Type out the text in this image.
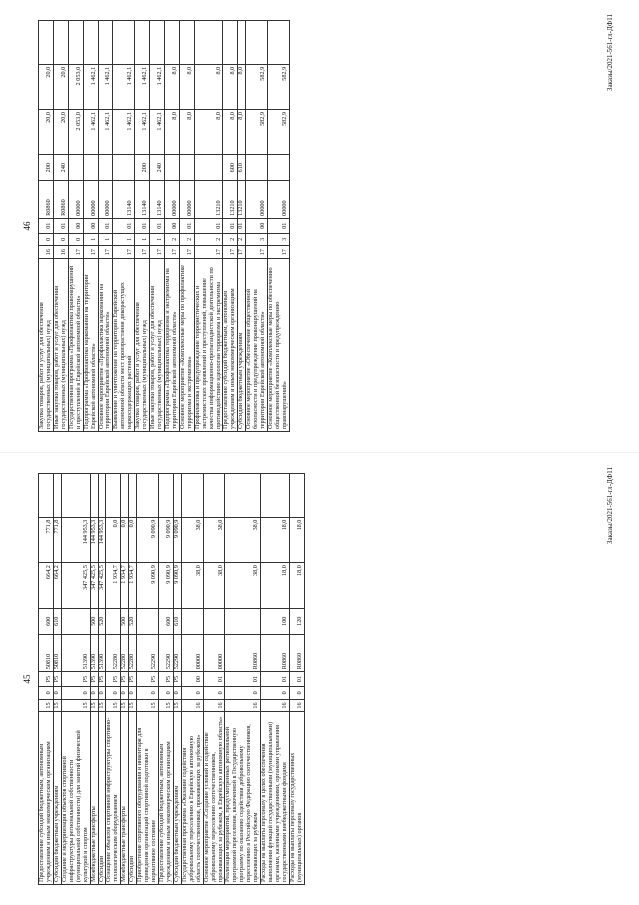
46
Закупка товаров, работ и услуг для обеспечения государственных (муниципальных) нужд	16	0	01	R0860	200	20,0	20,0	
Иные закупки товаров, работ и услуг для обеспечения государственных (муниципальных) нужд	16	0	01	R0860	240	20,0	20,0	
Государственная программа «Профилактика правонарушений и преступлений в Еврейской автономной области»	17	0	00	00000		2 053,0	2 053,0	
Подпрограмма «Профилактика наркомании на территории Еврейской автономной области»	17	1	00	00000		1 462,1	1 462,1	
Основное мероприятие «Профилактика наркомании на территории Еврейской автономной области»	17	1	01	00000		1 462,1	1 462,1	
Выявление и уничтожение на территории Еврейской автономной области мест произрастания дикорастущих наркосодержащих растений	17	1	01	13140		1 462,1	1 462,1	
Закупка товаров, работ и услуг для обеспечения государственных (муниципальных) нужд	17	1	01	13140	200	1 462,1	1 462,1	
Иные закупки товаров, работ и услуг для обеспечения государственных (муниципальных) нужд	17	1	01	13140	240	1 462,1	1 462,1	
Подпрограмма «Профилактика терроризма и экстремизма на территории Еврейской автономной области»	17	2	00	00000		8,0	8,0	
Основное мероприятие «Комплексные меры по профилактике терроризма и экстремизма»	17	2	01	00000		8,0	8,0	
Профилактика и предупреждение террористических и экстремистских проявлений и преступлений, повышение качества информационно-пропагандистской деятельности по противодействию идеологии терроризма и экстремизма	17	2	01	13210		8,0	8,0	
Предоставление субсидий бюджетным, автономным учреждениям и иным некоммерческим организациям	17	2	01	13210	600	8,0	8,0	
Субсидии бюджетным учреждениям	17	2	01	13210	610	8,0	8,0	
Основное мероприятие «Обеспечение общественной безопасности и предупреждение правонарушений на территории Еврейской автономной области»	17	3	00	00000		582,9	582,9	
Основное мероприятие «Комплексные меры по обеспечению общественной безопасности и предупреждению правонарушений»	17	3	01	00000		582,9	582,9		Заказы/2021-561-гл-ДФ11
45
Предоставление субсидий бюджетным, автономным учреждениям и иным некоммерческим организациям	15	0	P5	50810	600	664,2	771,8	
Субсидии бюджетным учреждениям	15	0	P5	50810	610	664,2	771,8	
Создание и модернизация объектов спортивной инфраструктуры региональной собственности (муниципальной собственности) для занятий физической культурой и спортом	15	0	P5	51390		347 425,5	144 953,3	
Межбюджетные трансферты	15	0	P5	51390	500	347 425,5	144 953,3	
Субсидии	15	0	P5	51390	520	347 425,5	144 953,3	
Оснащение объектов спортивной инфраструктуры спортивно-технологическим оборудованием	15	0	P5	52280		1 934,7	0,0	
Межбюджетные трансферты	15	0	P5	52280	500	1 934,7	0,0	
Субсидии	15	0	P5	52280	520	1 934,7	0,0	
Приобретение спортивного оборудования и инвентаря для приведения организаций спортивной подготовки в нормативное состояние	15	0	P5	52290		9 090,9	9 090,9	
Предоставление субсидий бюджетным, автономным учреждениям и иным некоммерческим организациям	15	0	P5	52290	600	9 090,9	9 090,9	
Субсидии бюджетным учреждениям	15	0	P5	52290	610	9 090,9	9 090,9	
Государственная программа «Оказание содействия добровольному переселению в Еврейскую автономную область соотечественников, проживающих за рубежом»	16	0	00	00000		38,0	38,0	
Основное мероприятие «Создание условий и содействие добровольному переселению соотечественников, проживающих за рубежом, в Еврейскую автономную область»	16	0	01	00000		38,0	38,0	
Реализация мероприятий, предусмотренных региональной программой переселения, включенной в Государственную программу по оказанию содействия добровольному переселению в Российскую Федерацию соотечественников, проживающих за рубежом	16	0	01	R0860		38,0	38,0	
Расходы на выплаты персоналу в целях обеспечения выполнения функций государственными (муниципальными) органами, казенными учреждениями, органами управления государственными внебюджетными фондами	16	0	01	R0860	100	18,0	18,0	
Расходы на выплаты персоналу государственных (муниципальных) органов	16	0	01	R0860	120	18,0	18,0		Заказы/2021-561-гл-ДФ11
